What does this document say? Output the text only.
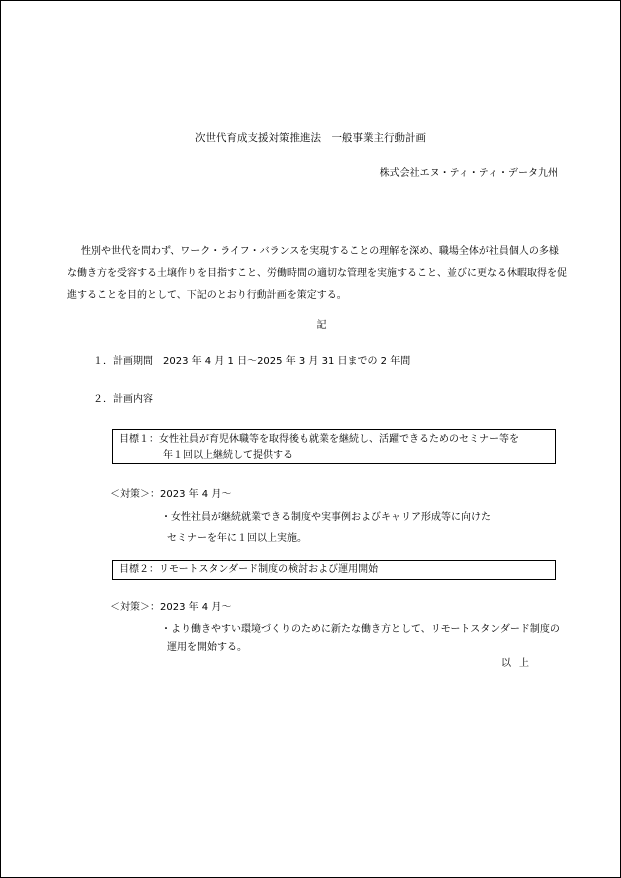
次世代育成支援対策推進法　一般事業主行動計画
株式会社エヌ・ティ・ティ・データ九州

性別や世代を問わず、ワーク・ライフ・バランスを実現することの理解を深め、職場全体が社員個人の多様な働き方を受容する土壌作りを目指すこと、労働時間の適切な管理を実施すること、並びに更なる休暇取得を促進することを目的として、下記のとおり行動計画を策定する。

記
１．計画期間　2023 年 4 月 1 日～2025 年 3 月 31 日までの 2 年間
２．計画内容
目標１：女性社員が育児休職等を取得後も就業を継続し、活躍できるためのセミナー等を
年１回以上継続して提供する
＜対策＞：2023 年 4 月～
・女性社員が継続就業できる制度や実事例およびキャリア形成等に向けた
セミナーを年に１回以上実施。
目標２：リモートスタンダード制度の検討および運用開始
＜対策＞：2023 年 4 月～
・より働きやすい環境づくりのために新たな働き方として、リモートスタンダード制度の
運用を開始する。
以上
